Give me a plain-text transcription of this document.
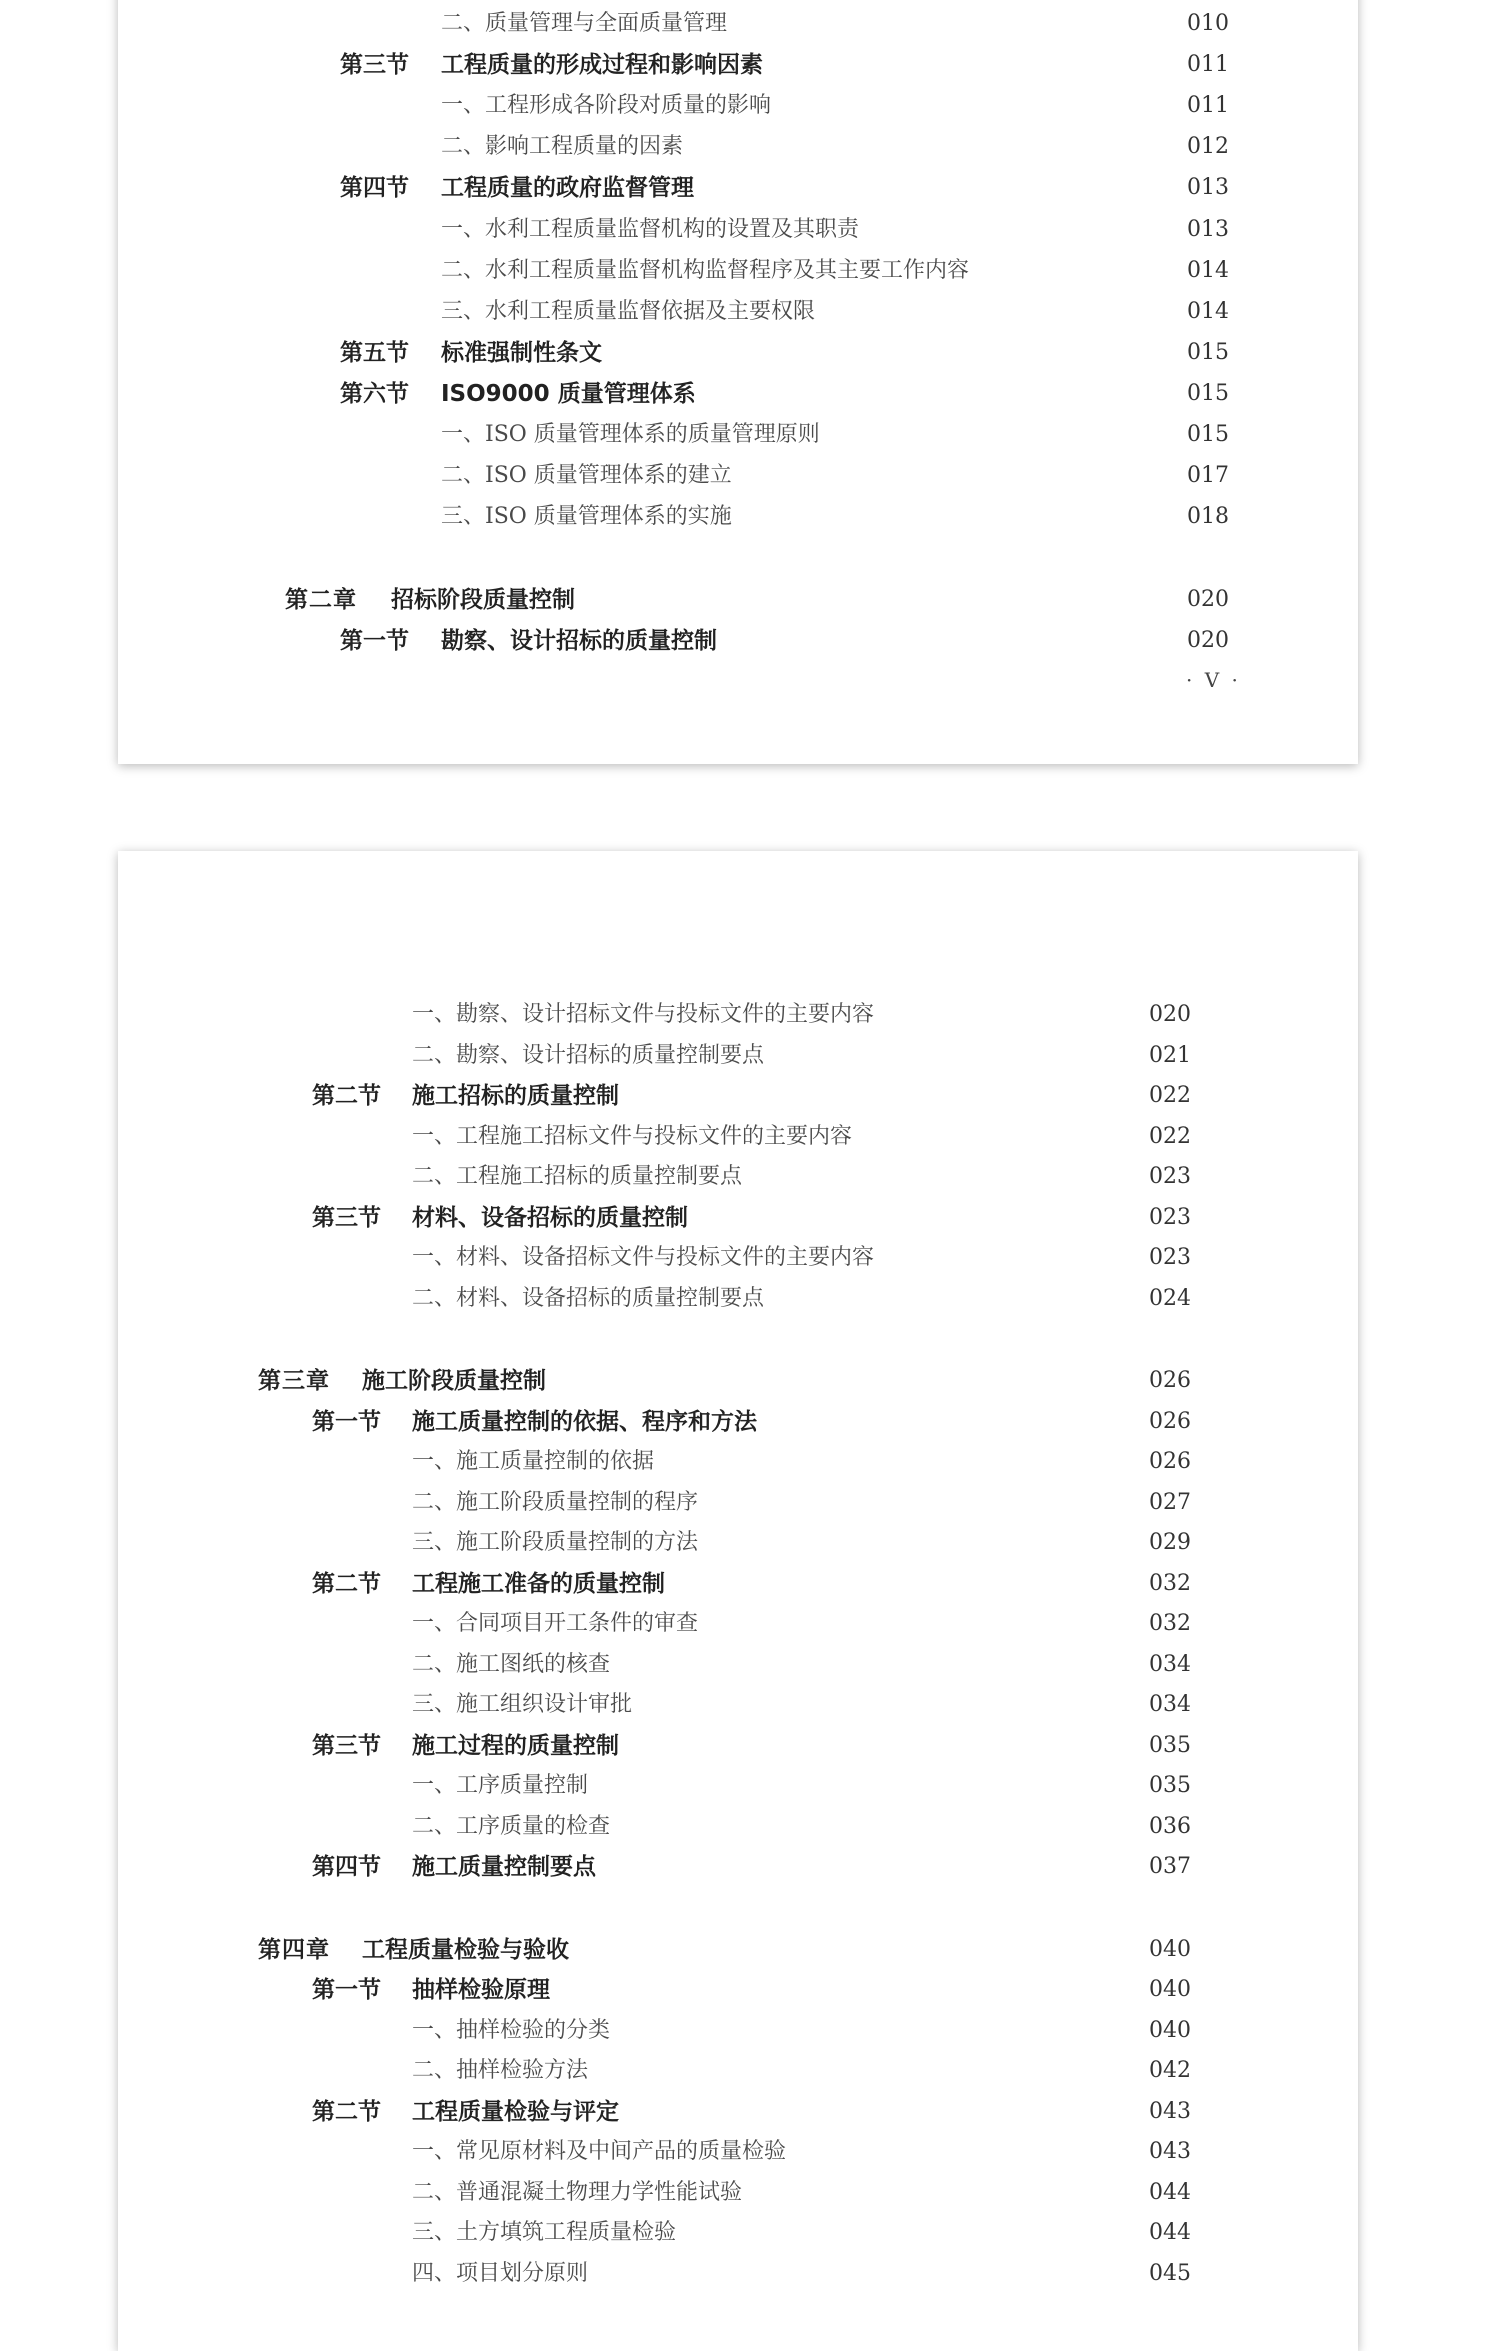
二、质量管理与全面质量管理	010
第三节 工程质量的形成过程和影响因素	011
一、工程形成各阶段对质量的影响	011
二、影响工程质量的因素	012
第四节 工程质量的政府监督管理	013
一、水利工程质量监督机构的设置及其职责	013
二、水利工程质量监督机构监督程序及其主要工作内容	014
三、水利工程质量监督依据及主要权限	014
第五节 标准强制性条文	015
第六节 ISO9000 质量管理体系	015
一、ISO 质量管理体系的质量管理原则	015
二、ISO 质量管理体系的建立	017
三、ISO 质量管理体系的实施	018
第二章 招标阶段质量控制	020
第一节 勘察、设计招标的质量控制	020
· V ·
一、勘察、设计招标文件与投标文件的主要内容	020
二、勘察、设计招标的质量控制要点	021
第二节 施工招标的质量控制	022
一、工程施工招标文件与投标文件的主要内容	022
二、工程施工招标的质量控制要点	023
第三节 材料、设备招标的质量控制	023
一、材料、设备招标文件与投标文件的主要内容	023
二、材料、设备招标的质量控制要点	024
第三章 施工阶段质量控制	026
第一节 施工质量控制的依据、程序和方法	026
一、施工质量控制的依据	026
二、施工阶段质量控制的程序	027
三、施工阶段质量控制的方法	029
第二节 工程施工准备的质量控制	032
一、合同项目开工条件的审查	032
二、施工图纸的核查	034
三、施工组织设计审批	034
第三节 施工过程的质量控制	035
一、工序质量控制	035
二、工序质量的检查	036
第四节 施工质量控制要点	037
第四章 工程质量检验与验收	040
第一节 抽样检验原理	040
一、抽样检验的分类	040
二、抽样检验方法	042
第二节 工程质量检验与评定	043
一、常见原材料及中间产品的质量检验	043
二、普通混凝土物理力学性能试验	044
三、土方填筑工程质量检验	044
四、项目划分原则	045
